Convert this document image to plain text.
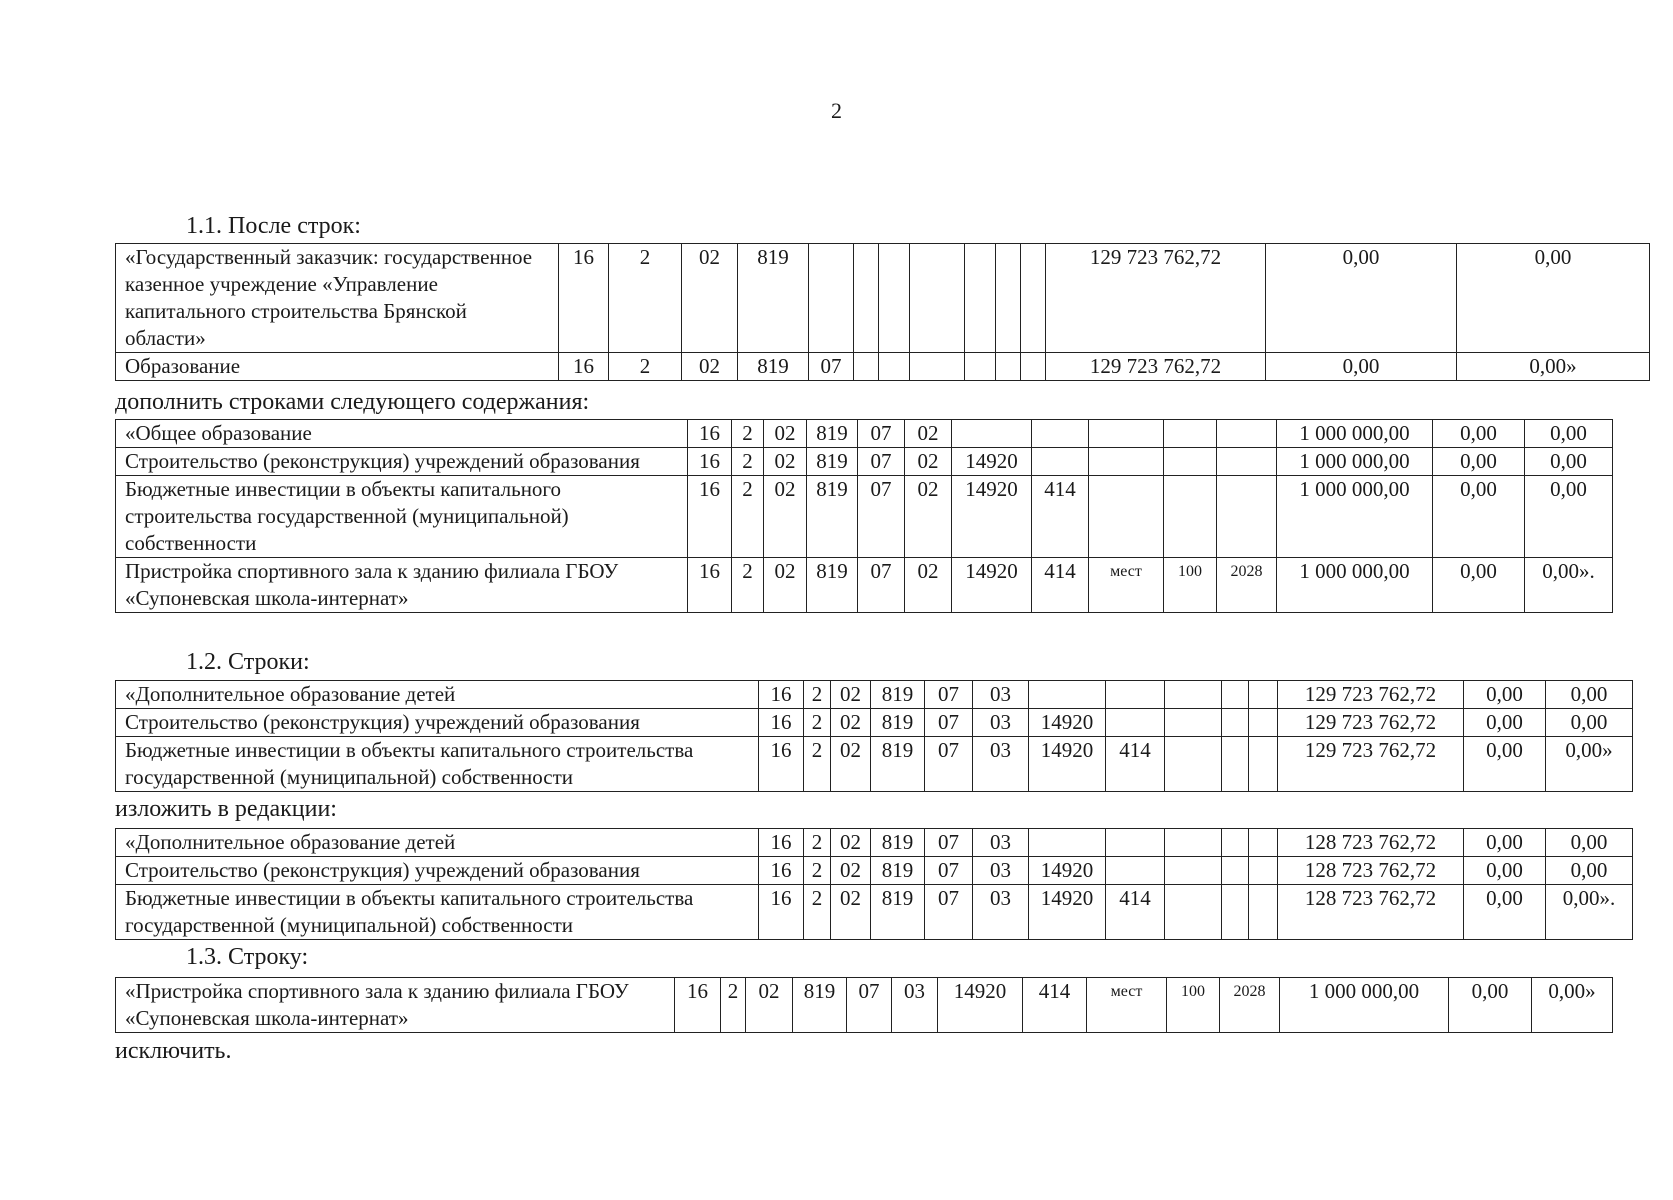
2
1.1. После строк:
«Государственный заказчик: государственное казенное учреждение «Управление капитального строительства Брянской области»	16	2	02	819								129 723 762,72	0,00	0,00
Образование	16	2	02	819	07							129 723 762,72	0,00	0,00»
дополнить строками следующего содержания:
«Общее образование	16	2	02	819	07	02						1 000 000,00	0,00	0,00
Строительство (реконструкция) учреждений образования	16	2	02	819	07	02	14920					1 000 000,00	0,00	0,00
Бюджетные инвестиции в объекты капитального строительства государственной (муниципальной) собственности	16	2	02	819	07	02	14920	414				1 000 000,00	0,00	0,00
Пристройка спортивного зала к зданию филиала ГБОУ «Супоневская школа-интернат»	16	2	02	819	07	02	14920	414	мест	100	2028	1 000 000,00	0,00	0,00».
1.2. Строки:
«Дополнительное образование детей	16	2	02	819	07	03						129 723 762,72	0,00	0,00
Строительство (реконструкция) учреждений образования	16	2	02	819	07	03	14920					129 723 762,72	0,00	0,00
Бюджетные инвестиции в объекты капитального строительства государственной (муниципальной) собственности	16	2	02	819	07	03	14920	414				129 723 762,72	0,00	0,00»
изложить в редакции:
«Дополнительное образование детей	16	2	02	819	07	03						128 723 762,72	0,00	0,00
Строительство (реконструкция) учреждений образования	16	2	02	819	07	03	14920					128 723 762,72	0,00	0,00
Бюджетные инвестиции в объекты капитального строительства государственной (муниципальной) собственности	16	2	02	819	07	03	14920	414				128 723 762,72	0,00	0,00».
1.3. Строку:
«Пристройка спортивного зала к зданию филиала ГБОУ «Супоневская школа-интернат»	16	2	02	819	07	03	14920	414	мест	100	2028	1 000 000,00	0,00	0,00»
исключить.
